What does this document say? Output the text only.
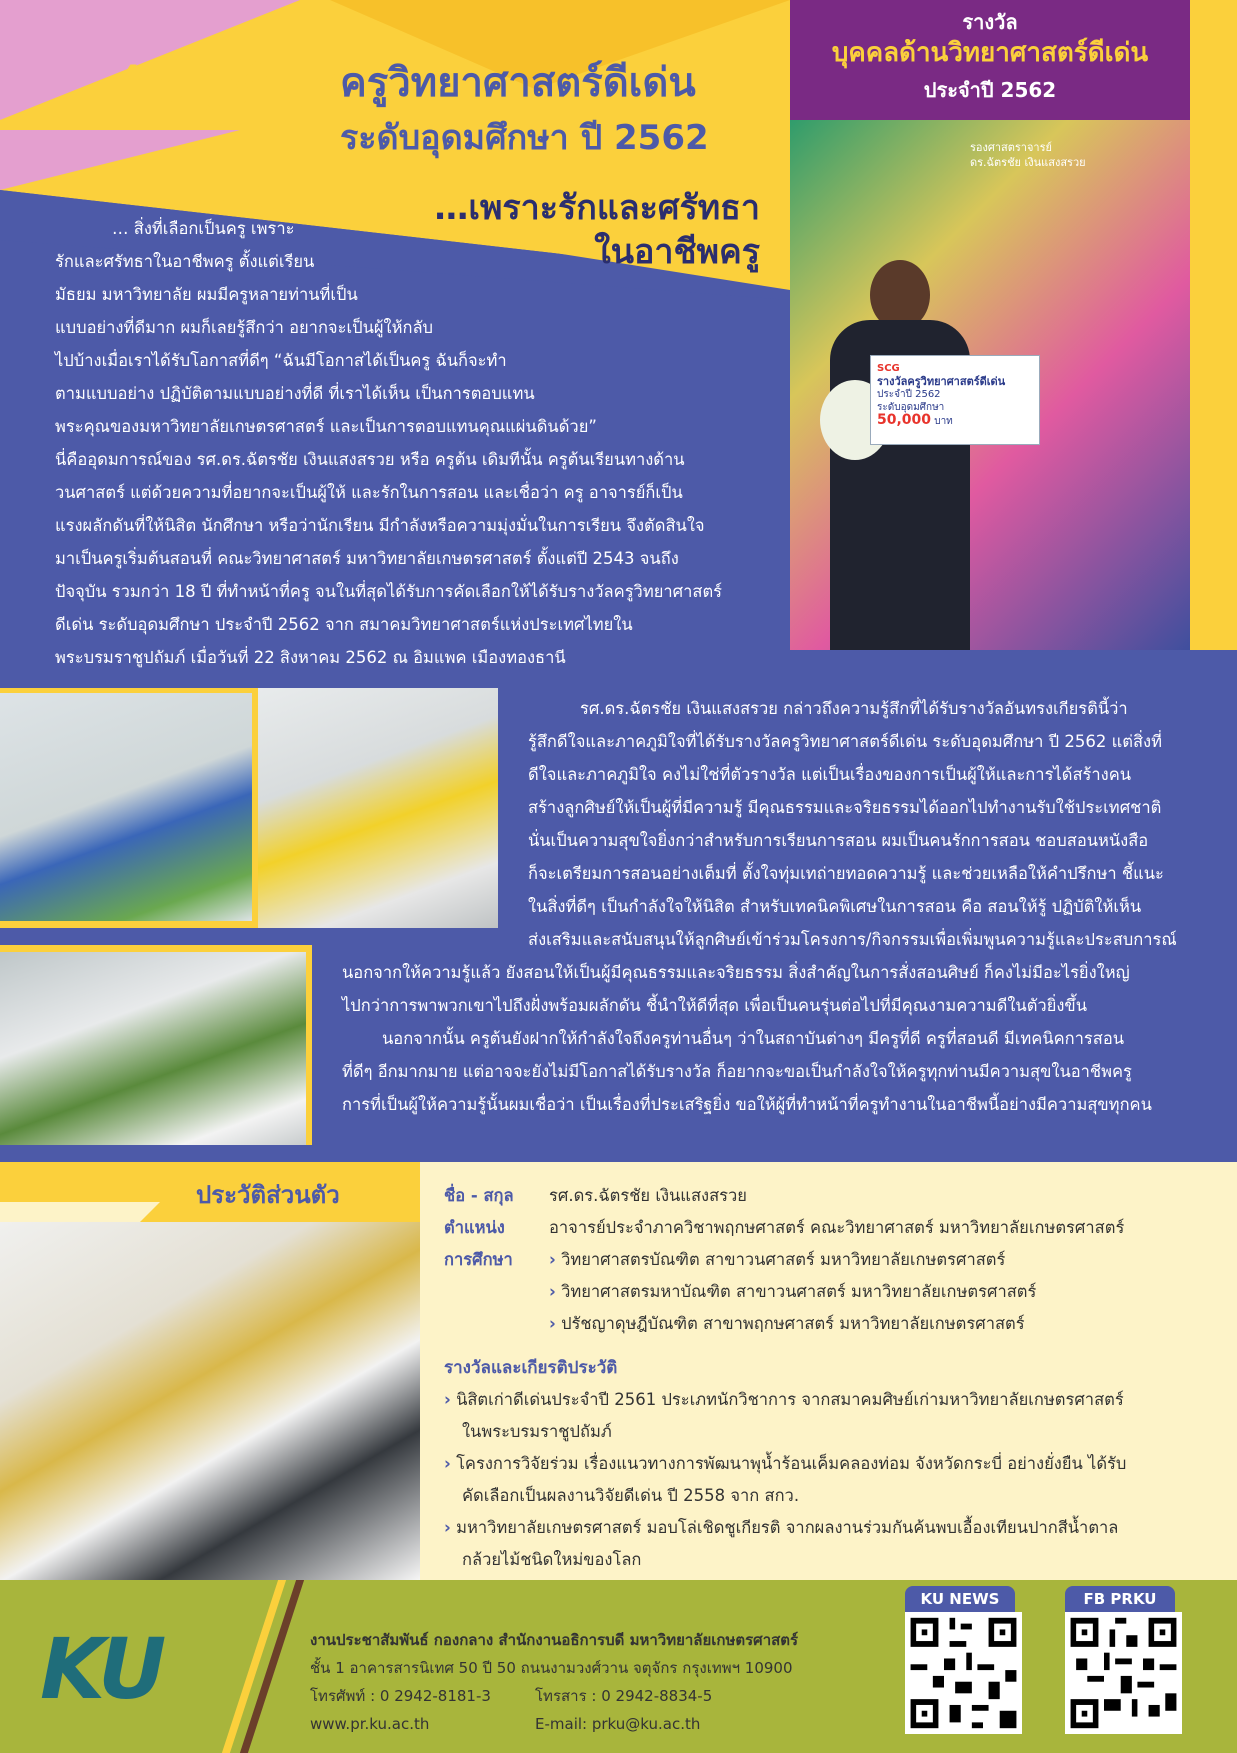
“ครูต้น”
ครูวิทยาศาสตร์ดีเด่น
ระดับอุดมศึกษา ปี 2562
…เพราะรักและศรัทธา
ในอาชีพครู
รางวัล
บุคคลด้านวิทยาศาสตร์ดีเด่น
ประจำปี 2562
รองศาสตราจารย์
ดร.ฉัตรชัย เงินแสงสรวย
SCG
รางวัลครูวิทยาศาสตร์ดีเด่น
ประจำปี 2562
ระดับอุดมศึกษา
50,000 บาท
… สิ่งที่เลือกเป็นครู เพราะ
รักและศรัทธาในอาชีพครู ตั้งแต่เรียน
มัธยม มหาวิทยาลัย ผมมีครูหลายท่านที่เป็น
แบบอย่างที่ดีมาก ผมก็เลยรู้สึกว่า อยากจะเป็นผู้ให้กลับ
ไปบ้างเมื่อเราได้รับโอกาสที่ดีๆ “ฉันมีโอกาสได้เป็นครู ฉันก็จะทำ
ตามแบบอย่าง ปฏิบัติตามแบบอย่างที่ดี ที่เราได้เห็น เป็นการตอบแทน
พระคุณของมหาวิทยาลัยเกษตรศาสตร์ และเป็นการตอบแทนคุณแผ่นดินด้วย”
นี่คืออุดมการณ์ของ รศ.ดร.ฉัตรชัย เงินแสงสรวย หรือ ครูต้น เดิมทีนั้น ครูต้นเรียนทางด้าน
วนศาสตร์ แต่ด้วยความที่อยากจะเป็นผู้ให้ และรักในการสอน และเชื่อว่า ครู อาจารย์ก็เป็น
แรงผลักดันที่ให้นิสิต นักศึกษา หรือว่านักเรียน มีกำลังหรือความมุ่งมั่นในการเรียน จึงตัดสินใจ
มาเป็นครูเริ่มต้นสอนที่ คณะวิทยาศาสตร์ มหาวิทยาลัยเกษตรศาสตร์ ตั้งแต่ปี 2543 จนถึง
ปัจจุบัน รวมกว่า 18 ปี ที่ทำหน้าที่ครู จนในที่สุดได้รับการคัดเลือกให้ได้รับรางวัลครูวิทยาศาสตร์
ดีเด่น ระดับอุดมศึกษา ประจำปี 2562 จาก สมาคมวิทยาศาสตร์แห่งประเทศไทยใน
พระบรมราชูปถัมภ์ เมื่อวันที่ 22 สิงหาคม 2562 ณ อิมแพค เมืองทองธานี
รศ.ดร.ฉัตรชัย เงินแสงสรวย กล่าวถึงความรู้สึกที่ได้รับรางวัลอันทรงเกียรตินี้ว่า
รู้สึกดีใจและภาคภูมิใจที่ได้รับรางวัลครูวิทยาศาสตร์ดีเด่น ระดับอุดมศึกษา ปี 2562 แต่สิ่งที่
ดีใจและภาคภูมิใจ คงไม่ใช่ที่ตัวรางวัล แต่เป็นเรื่องของการเป็นผู้ให้และการได้สร้างคน
สร้างลูกศิษย์ให้เป็นผู้ที่มีความรู้ มีคุณธรรมและจริยธรรมได้ออกไปทำงานรับใช้ประเทศชาติ
นั่นเป็นความสุขใจยิ่งกว่าสำหรับการเรียนการสอน ผมเป็นคนรักการสอน ชอบสอนหนังสือ
ก็จะเตรียมการสอนอย่างเต็มที่ ตั้งใจทุ่มเทถ่ายทอดความรู้ และช่วยเหลือให้คำปรึกษา ชี้แนะ
ในสิ่งที่ดีๆ เป็นกำลังใจให้นิสิต สำหรับเทคนิคพิเศษในการสอน คือ สอนให้รู้ ปฏิบัติให้เห็น
ส่งเสริมและสนับสนุนให้ลูกศิษย์เข้าร่วมโครงการ/กิจกรรมเพื่อเพิ่มพูนความรู้และประสบการณ์
นอกจากให้ความรู้แล้ว ยังสอนให้เป็นผู้มีคุณธรรมและจริยธรรม สิ่งสำคัญในการสั่งสอนศิษย์ ก็คงไม่มีอะไรยิ่งใหญ่
ไปกว่าการพาพวกเขาไปถึงฝั่งพร้อมผลักดัน ชี้นำให้ดีที่สุด เพื่อเป็นคนรุ่นต่อไปที่มีคุณงามความดีในตัวยิ่งขึ้น
นอกจากนั้น ครูต้นยังฝากให้กำลังใจถึงครูท่านอื่นๆ ว่าในสถาบันต่างๆ มีครูที่ดี ครูที่สอนดี มีเทคนิคการสอน
ที่ดีๆ อีกมากมาย แต่อาจจะยังไม่มีโอกาสได้รับรางวัล ก็อยากจะขอเป็นกำลังใจให้ครูทุกท่านมีความสุขในอาชีพครู
การที่เป็นผู้ให้ความรู้นั้นผมเชื่อว่า เป็นเรื่องที่ประเสริฐยิ่ง ขอให้ผู้ที่ทำหน้าที่ครูทำงานในอาชีพนี้อย่างมีความสุขทุกคน
ประวัติส่วนตัว	ชื่อ - สกุล รศ.ดร.ฉัตรชัย เงินแสงสรวย
ตำแหน่ง	อาจารย์ประจำภาควิชาพฤกษศาสตร์ คณะวิทยาศาสตร์ มหาวิทยาลัยเกษตรศาสตร์
การศึกษา › วิทยาศาสตรบัณฑิต สาขาวนศาสตร์ มหาวิทยาลัยเกษตรศาสตร์
› วิทยาศาสตรมหาบัณฑิต สาขาวนศาสตร์ มหาวิทยาลัยเกษตรศาสตร์
› ปรัชญาดุษฎีบัณฑิต สาขาพฤกษศาสตร์ มหาวิทยาลัยเกษตรศาสตร์
รางวัลและเกียรติประวัติ
› นิสิตเก่าดีเด่นประจำปี 2561 ประเภทนักวิชาการ จากสมาคมศิษย์เก่ามหาวิทยาลัยเกษตรศาสตร์
ในพระบรมราชูปถัมภ์
› โครงการวิจัยร่วม เรื่องแนวทางการพัฒนาพุน้ำร้อนเค็มคลองท่อม จังหวัดกระบี่ อย่างยั่งยืน ได้รับ
คัดเลือกเป็นผลงานวิจัยดีเด่น ปี 2558 จาก สกว.
› มหาวิทยาลัยเกษตรศาสตร์ มอบโล่เชิดชูเกียรติ จากผลงานร่วมกันค้นพบเอื้องเทียนปากสีน้ำตาล
กล้วยไม้ชนิดใหม่ของโลก
KU	งานประชาสัมพันธ์ กองกลาง สำนักงานอธิการบดี มหาวิทยาลัยเกษตรศาสตร์
ชั้น 1 อาคารสารนิเทศ 50 ปี 50 ถนนงามวงศ์วาน จตุจักร กรุงเทพฯ 10900
โทรศัพท์ : 0 2942-8181-3	โทรสาร : 0 2942-8834-5
www.pr.ku.ac.th	E-mail: prku@ku.ac.th
KU NEWS	FB PRKU
